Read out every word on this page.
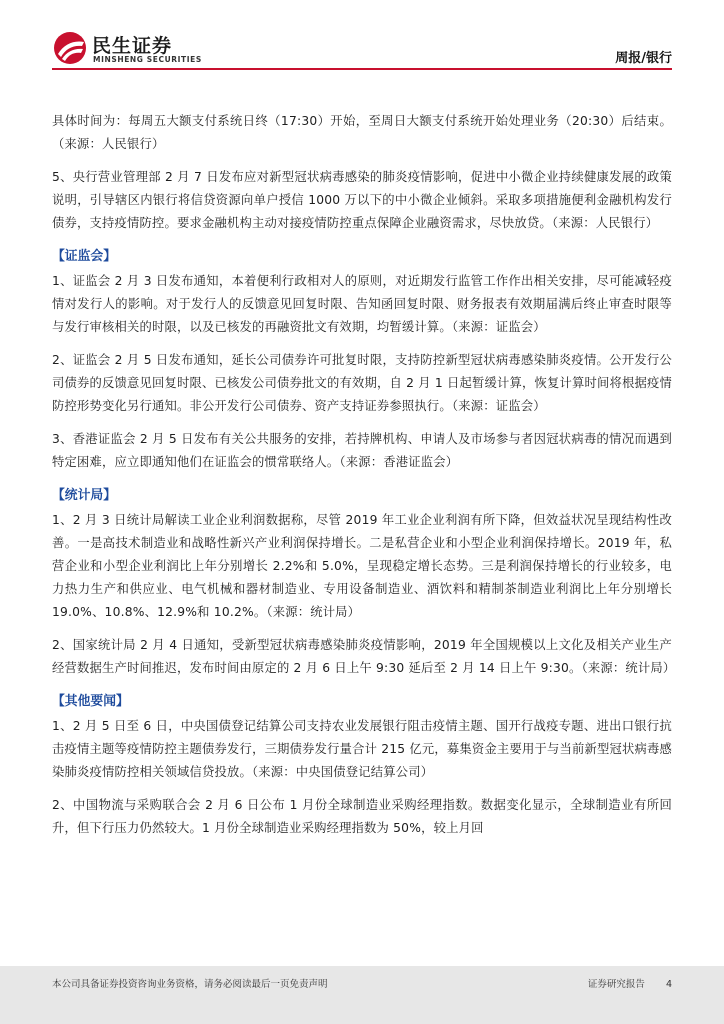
民生证券
MINSHENG SECURITIES	周报/银行

具体时间为：每周五大额支付系统日终（17:30）开始，至周日大额支付系统开始处理业务（20:30）后结束。（来源：人民银行）

5、央行营业管理部 2 月 7 日发布应对新型冠状病毒感染的肺炎疫情影响，促进中小微企业持续健康发展的政策说明，引导辖区内银行将信贷资源向单户授信 1000 万以下的中小微企业倾斜。采取多项措施便利金融机构发行债券，支持疫情防控。要求金融机构主动对接疫情防控重点保障企业融资需求，尽快放贷。（来源：人民银行）

【证监会】

1、证监会 2 月 3 日发布通知，本着便利行政相对人的原则，对近期发行监管工作作出相关安排，尽可能减轻疫情对发行人的影响。对于发行人的反馈意见回复时限、告知函回复时限、财务报表有效期届满后终止审查时限等与发行审核相关的时限，以及已核发的再融资批文有效期，均暂缓计算。（来源：证监会）

2、证监会 2 月 5 日发布通知，延长公司债券许可批复时限，支持防控新型冠状病毒感染肺炎疫情。公开发行公司债券的反馈意见回复时限、已核发公司债券批文的有效期，自 2 月 1 日起暂缓计算，恢复计算时间将根据疫情防控形势变化另行通知。非公开发行公司债券、资产支持证券参照执行。（来源：证监会）

3、香港证监会 2 月 5 日发布有关公共服务的安排，若持牌机构、申请人及市场参与者因冠状病毒的情况而遇到特定困难，应立即通知他们在证监会的惯常联络人。（来源：香港证监会）

【统计局】

1、2 月 3 日统计局解读工业企业利润数据称，尽管 2019 年工业企业利润有所下降，但效益状况呈现结构性改善。一是高技术制造业和战略性新兴产业利润保持增长。二是私营企业和小型企业利润保持增长。2019 年，私营企业和小型企业利润比上年分别增长 2.2%和 5.0%，呈现稳定增长态势。三是利润保持增长的行业较多，电力热力生产和供应业、电气机械和器材制造业、专用设备制造业、酒饮料和精制茶制造业利润比上年分别增长 19.0%、10.8%、12.9%和 10.2%。（来源：统计局）

2、国家统计局 2 月 4 日通知，受新型冠状病毒感染肺炎疫情影响，2019 年全国规模以上文化及相关产业生产经营数据生产时间推迟，发布时间由原定的 2 月 6 日上午 9:30 延后至 2 月 14 日上午 9:30。（来源：统计局）

【其他要闻】

1、2 月 5 日至 6 日，中央国债登记结算公司支持农业发展银行阻击疫情主题、国开行战疫专题、进出口银行抗击疫情主题等疫情防控主题债券发行，三期债券发行量合计 215 亿元，募集资金主要用于与当前新型冠状病毒感染肺炎疫情防控相关领域信贷投放。（来源：中央国债登记结算公司）

2、中国物流与采购联合会 2 月 6 日公布 1 月份全球制造业采购经理指数。数据变化显示，全球制造业有所回升，但下行压力仍然较大。1 月份全球制造业采购经理指数为 50%，较上月回

本公司具备证券投资咨询业务资格，请务必阅读最后一页免责声明	证券研究报告 4
